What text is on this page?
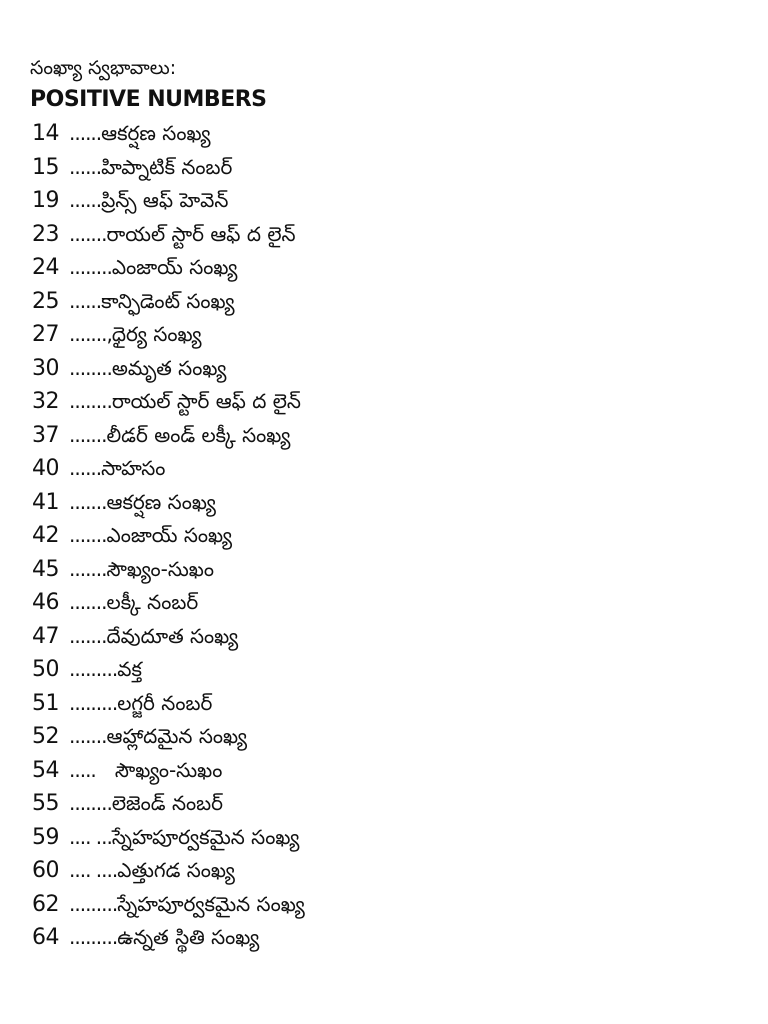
సంఖ్యా స్వభావాలు:
POSITIVE NUMBERS
14 ...... ఆకర్షణ సంఖ్య
15 ...... హిప్నాటిక్ నంబర్
19 ...... ప్రిన్స్ ఆఫ్ హెవెన్
23 ....... రాయల్ స్టార్ ఆఫ్ ద లైన్
24 ........ ఎంజాయ్ సంఖ్య
25 ...... కాన్ఫిడెంట్ సంఖ్య
27 ......., ధైర్య సంఖ్య
30 ........ అమృత సంఖ్య
32 ........ రాయల్ స్టార్ ఆఫ్ ద లైన్
37 ....... లీడర్ అండ్ లక్కీ సంఖ్య
40 ...... సాహసం
41 ....... ఆకర్షణ సంఖ్య
42 ....... ఎంజాయ్ సంఖ్య
45 ....... సౌఖ్యం-సుఖం
46 ....... లక్కీ నంబర్
47 ....... దేవుదూత సంఖ్య
50 ......... వక్త
51 ......... లగ్జరీ నంబర్
52 ....... ఆహ్లాదమైన సంఖ్య
54 ..... సౌఖ్యం-సుఖం
55 ........ లెజెండ్ నంబర్
59 .... ... స్నేహపూర్వకమైన సంఖ్య
60 .... .... ఎత్తుగడ సంఖ్య
62 ......... స్నేహపూర్వకమైన సంఖ్య
64 ......... ఉన్నత స్థితి సంఖ్య
